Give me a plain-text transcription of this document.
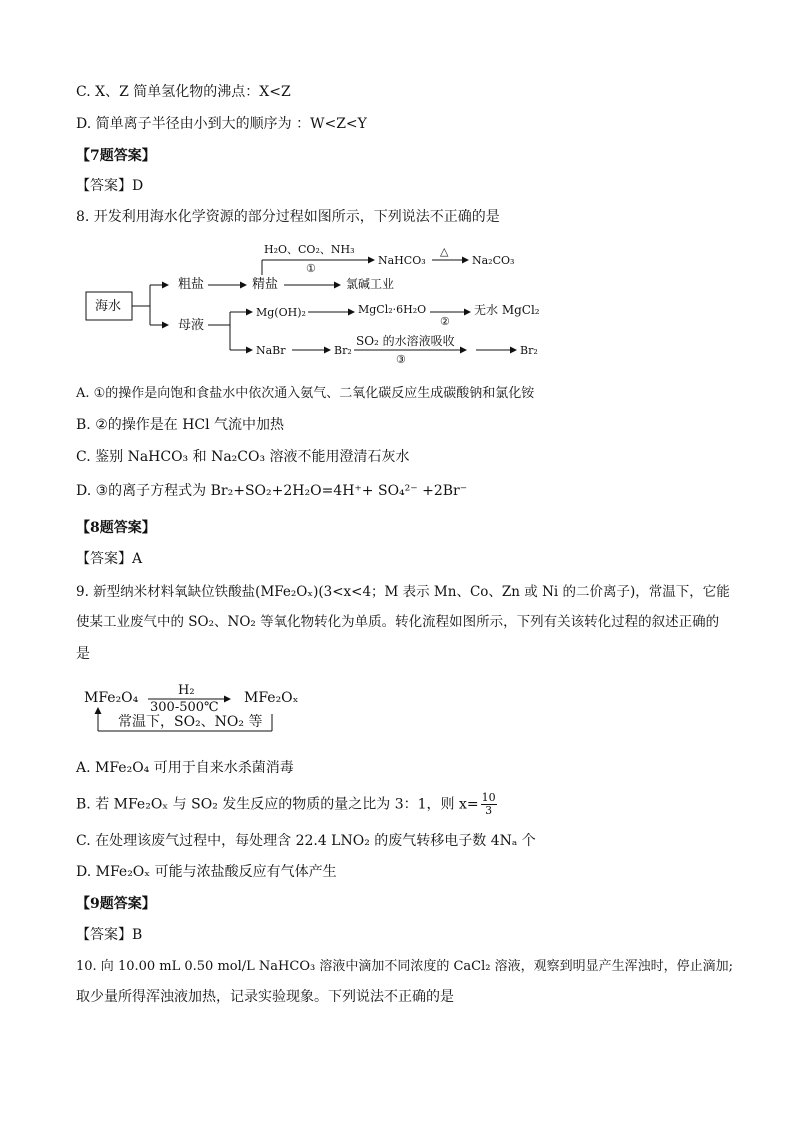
C. X、Z 简单氢化物的沸点：X<Z
D. 简单离子半径由小到大的顺序为 ：W<Z<Y
【7题答案】
【答案】D
8. 开发利用海水化学资源的部分过程如图所示，下列说法不正确的是
海水
粗盐
母液
精盐
H₂O、CO₂、NH₃
①
NaHCO₃
△
Na₂CO₃
氯碱工业
Mg(OH)₂	MgCl₂·6H₂O
②
无水 MgCl₂
NaBr	Br₂
SO₂ 的水溶液吸收
③
Br₂
A. ①的操作是向饱和食盐水中依次通入氨气、二氧化碳反应生成碳酸钠和氯化铵
B. ②的操作是在 HCl 气流中加热
C. 鉴别 NaHCO₃ 和 Na₂CO₃ 溶液不能用澄清石灰水
D. ③的离子方程式为 Br₂+SO₂+2H₂O=4H⁺+ SO₄²⁻ +2Br⁻
【8题答案】
【答案】A
9. 新型纳米材料氧缺位铁酸盐(MFe₂Oₓ)(3<x<4；M 表示 Mn、Co、Zn 或 Ni 的二价离子)，常温下，它能
使某工业废气中的 SO₂、NO₂ 等氧化物转化为单质。转化流程如图所示，下列有关该转化过程的叙述正确的
是
MFe₂O₄	H₂
300-500℃
MFe₂Oₓ
常温下，SO₂、NO₂ 等
A. MFe₂O₄ 可用于自来水杀菌消毒
B. 若 MFe₂Oₓ 与 SO₂ 发生反应的物质的量之比为 3：1，则 $x= \frac{10}{3}$
C. 在处理该废气过程中，每处理含 22.4 LNO₂ 的废气转移电子数 4Nₐ 个
D. MFe₂Oₓ 可能与浓盐酸反应有气体产生
【9题答案】
【答案】B
10. 向 10.00 mL 0.50 mol/L NaHCO₃ 溶液中滴加不同浓度的 CaCl₂ 溶液，观察到明显产生浑浊时，停止滴加;
取少量所得浑浊液加热，记录实验现象。下列说法不正确的是
